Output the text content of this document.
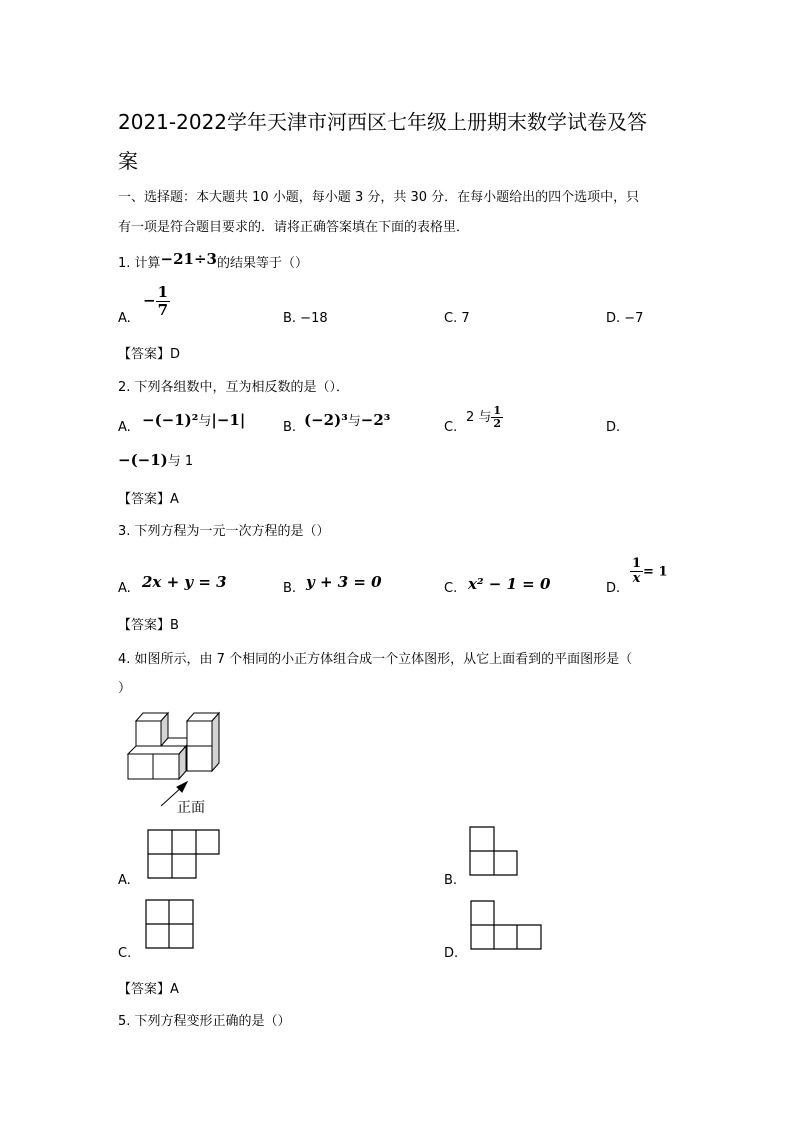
2021-2022学年天津市河西区七年级上册期末数学试卷及答
案
一、选择题：本大题共 10 小题，每小题 3 分，共 30 分．在每小题给出的四个选项中，只
有一项是符合题目要求的．请将正确答案填在下面的表格里．
1. 计算−21÷3的结果等于（）
A.
− $\frac{1}{7}$
B. −18	C. 7	D. −7
【答案】D
2. 下列各组数中，互为相反数的是（）．
A. −(−1)²与|−1|	B. (−2)³与−2³	C.
2 与 $\frac{1}{2}$	D.
−(−1)与 1
【答案】A
3. 下列方程为一元一次方程的是（）
A. 2x + y = 3	B. y + 3 = 0	C. x² − 1 = 0	D.
$\frac{1}{x} = 1$
【答案】B
4. 如图所示，由 7 个相同的小正方体组合成一个立体图形，从它上面看到的平面图形是（
）
正面
A.	B.
C.	D.
【答案】A
5. 下列方程变形正确的是（）
